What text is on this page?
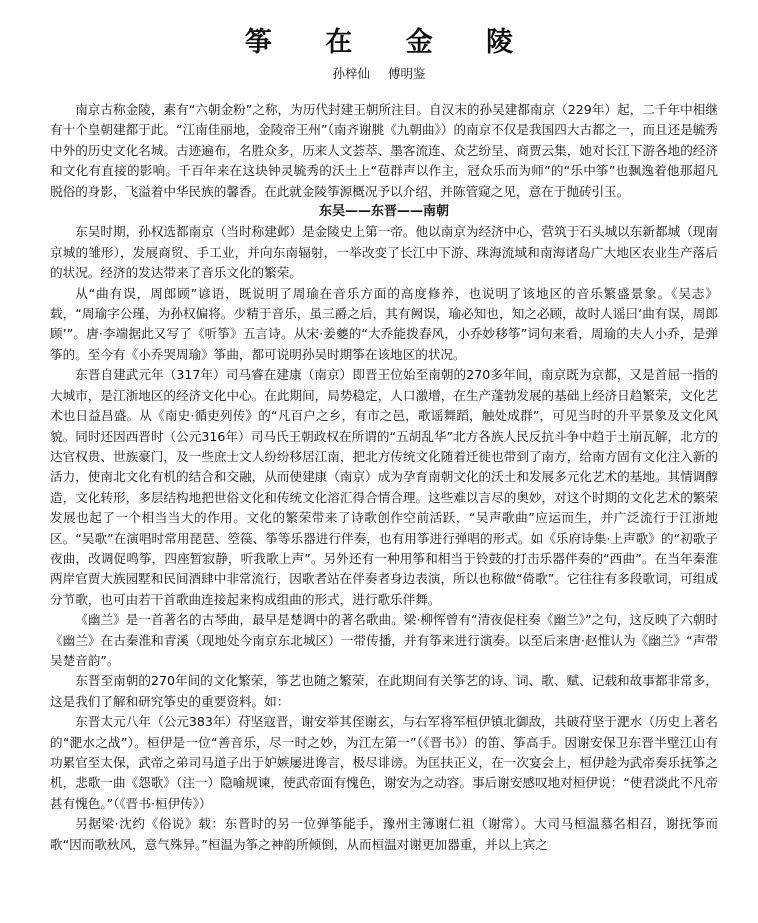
筝 在 金 陵
孙梓仙 傅明鉴

南京古称金陵，素有“六朝金粉”之称，为历代封建王朝所注目。自汉末的孙吴建都南京（229年）起，二千年中相继有十个皇朝建都于此。“江南佳丽地，金陵帝王州”（南齐谢朓《九朝曲》）的南京不仅是我国四大古都之一，而且还是毓秀中外的历史文化名城。古迹遍布，名胜众多，历来人文荟萃、墨客流连、众艺纷呈、商贾云集，她对长江下游各地的经济和文化有直接的影响。千百年来在这块钟灵毓秀的沃土上“苞群声以作主，冠众乐而为师”的“乐中筝”也飘逸着他那超凡脱俗的身影，飞溢着中华民族的馨香。在此就金陵筝源概况予以介绍，并陈管窥之见，意在于抛砖引玉。

东吴——东晋——南朝

东吴时期，孙权选都南京（当时称建邺）是金陵史上第一帝。他以南京为经济中心，营筑于石头城以东新都城（现南京城的雏形），发展商贸、手工业，并向东南辐射，一举改变了长江中下游、珠海流域和南海诸岛广大地区农业生产落后的状况。经济的发达带来了音乐文化的繁荣。

从“曲有误，周郎顾”谚语，既说明了周瑜在音乐方面的高度修养，也说明了该地区的音乐繁盛景象。《吴志》载，“周瑜字公瑾，为孙权偏将。少精于音乐，虽三爵之后，其有阙误，瑜必知也，知之必顾，故时人谣曰‘曲有误，周郎顾’”。唐·李端据此又写了《听筝》五言诗。从宋·姜夔的“大乔能拨春风，小乔妙移筝”词句来看，周瑜的夫人小乔，是弹筝的。至今有《小乔哭周瑜》筝曲，都可说明孙吴时期筝在该地区的状况。

东晋自建武元年（317年）司马睿在建康（南京）即晋王位始至南朝的270多年间，南京既为京都，又是首屈一指的大城市，是江浙地区的经济文化中心。在此期间，局势稳定，人口激增，在生产蓬勃发展的基础上经济日趋繁荣，文化艺术也日益昌盛。从《南史·循吏列传》的“凡百户之乡，有市之邑，歌谣舞蹈，触处成群”，可见当时的升平景象及文化风貌。同时还因西晋时（公元316年）司马氏王朝政权在所谓的“五胡乱华”北方各族人民反抗斗争中趋于土崩瓦解，北方的达官权贵、世族豪门，及一些庶士文人纷纷移居江南，把北方传统文化随着迁徙也带到了南方，给南方固有文化注入新的活力，使南北文化有机的结合和交融，从而使建康（南京）成为孕育南朝文化的沃土和发展多元化艺术的基地。其情调醇造，文化转形，多层结构地把世俗文化和传统文化溶汇得合情合理。这些难以言尽的奥妙，对这个时期的文化艺术的繁荣发展也起了一个相当当大的作用。文化的繁荣带来了诗歌创作空前活跃，“吴声歌曲”应运而生，并广泛流行于江浙地区。“吴歌”在演唱时常用琵琶、箜篌、筝等乐器进行伴奏，也有用筝进行弹唱的形式。如《乐府诗集·上声歌》的“初歌子夜曲，改调促鸣筝，四座暂寂静，听我歌上声”。另外还有一种用筝和相当于铃鼓的打击乐器伴奏的“西曲”。在当年秦淮两岸官贾大族园墅和民间酒肆中非常流行，因歌者站在伴奏者身边表演，所以也称做“倚歌”。它往往有多段歌词，可组成分节歌，也可由若干首歌曲连接起来构成组曲的形式，进行歌乐伴舞。

《幽兰》是一首著名的古琴曲，最早是楚调中的著名歌曲。梁·柳恽曾有“清夜促柱奏《幽兰》”之句，这反映了六朝时《幽兰》在古秦淮和青溪（现地处今南京东北城区）一带传播，并有筝来进行演奏。以至后来唐·赵惟认为《幽兰》“声带吴楚音韵”。

东晋至南朝的270年间的文化繁荣，筝艺也随之繁荣，在此期间有关筝艺的诗、词、歌、赋、记载和故事都非常多，这是我们了解和研究筝史的重要资料。如：

东晋太元八年（公元383年）苻坚寇晋，谢安举其侄谢玄，与右军将军桓伊镇北御敌，共破苻坚于淝水（历史上著名的“淝水之战”）。桓伊是一位“善音乐，尽一时之妙，为江左第一”（《晋书》）的笛、筝高手。因谢安保卫东晋半壁江山有功累官至太保，武帝之弟司马道子出于妒嫉屡进谗言，极尽诽谤。为匡扶正义，在一次宴会上，桓伊趁为武帝奏乐抚筝之机，悲歌一曲《怨歌》（注一）隐喻规谏，使武帝面有愧色，谢安为之动容。事后谢安感叹地对桓伊说：“使君淡此不凡帝甚有愧色。”（《晋书·桓伊传》）

另据梁·沈约《俗说》载：东晋时的另一位弹筝能手，豫州主簿谢仁祖（谢常）。大司马桓温慕名相召，谢抚筝而歌“因而歌秋风，意气殊异。”桓温为筝之神韵所倾倒，从而桓温对谢更加器重，并以上宾之
